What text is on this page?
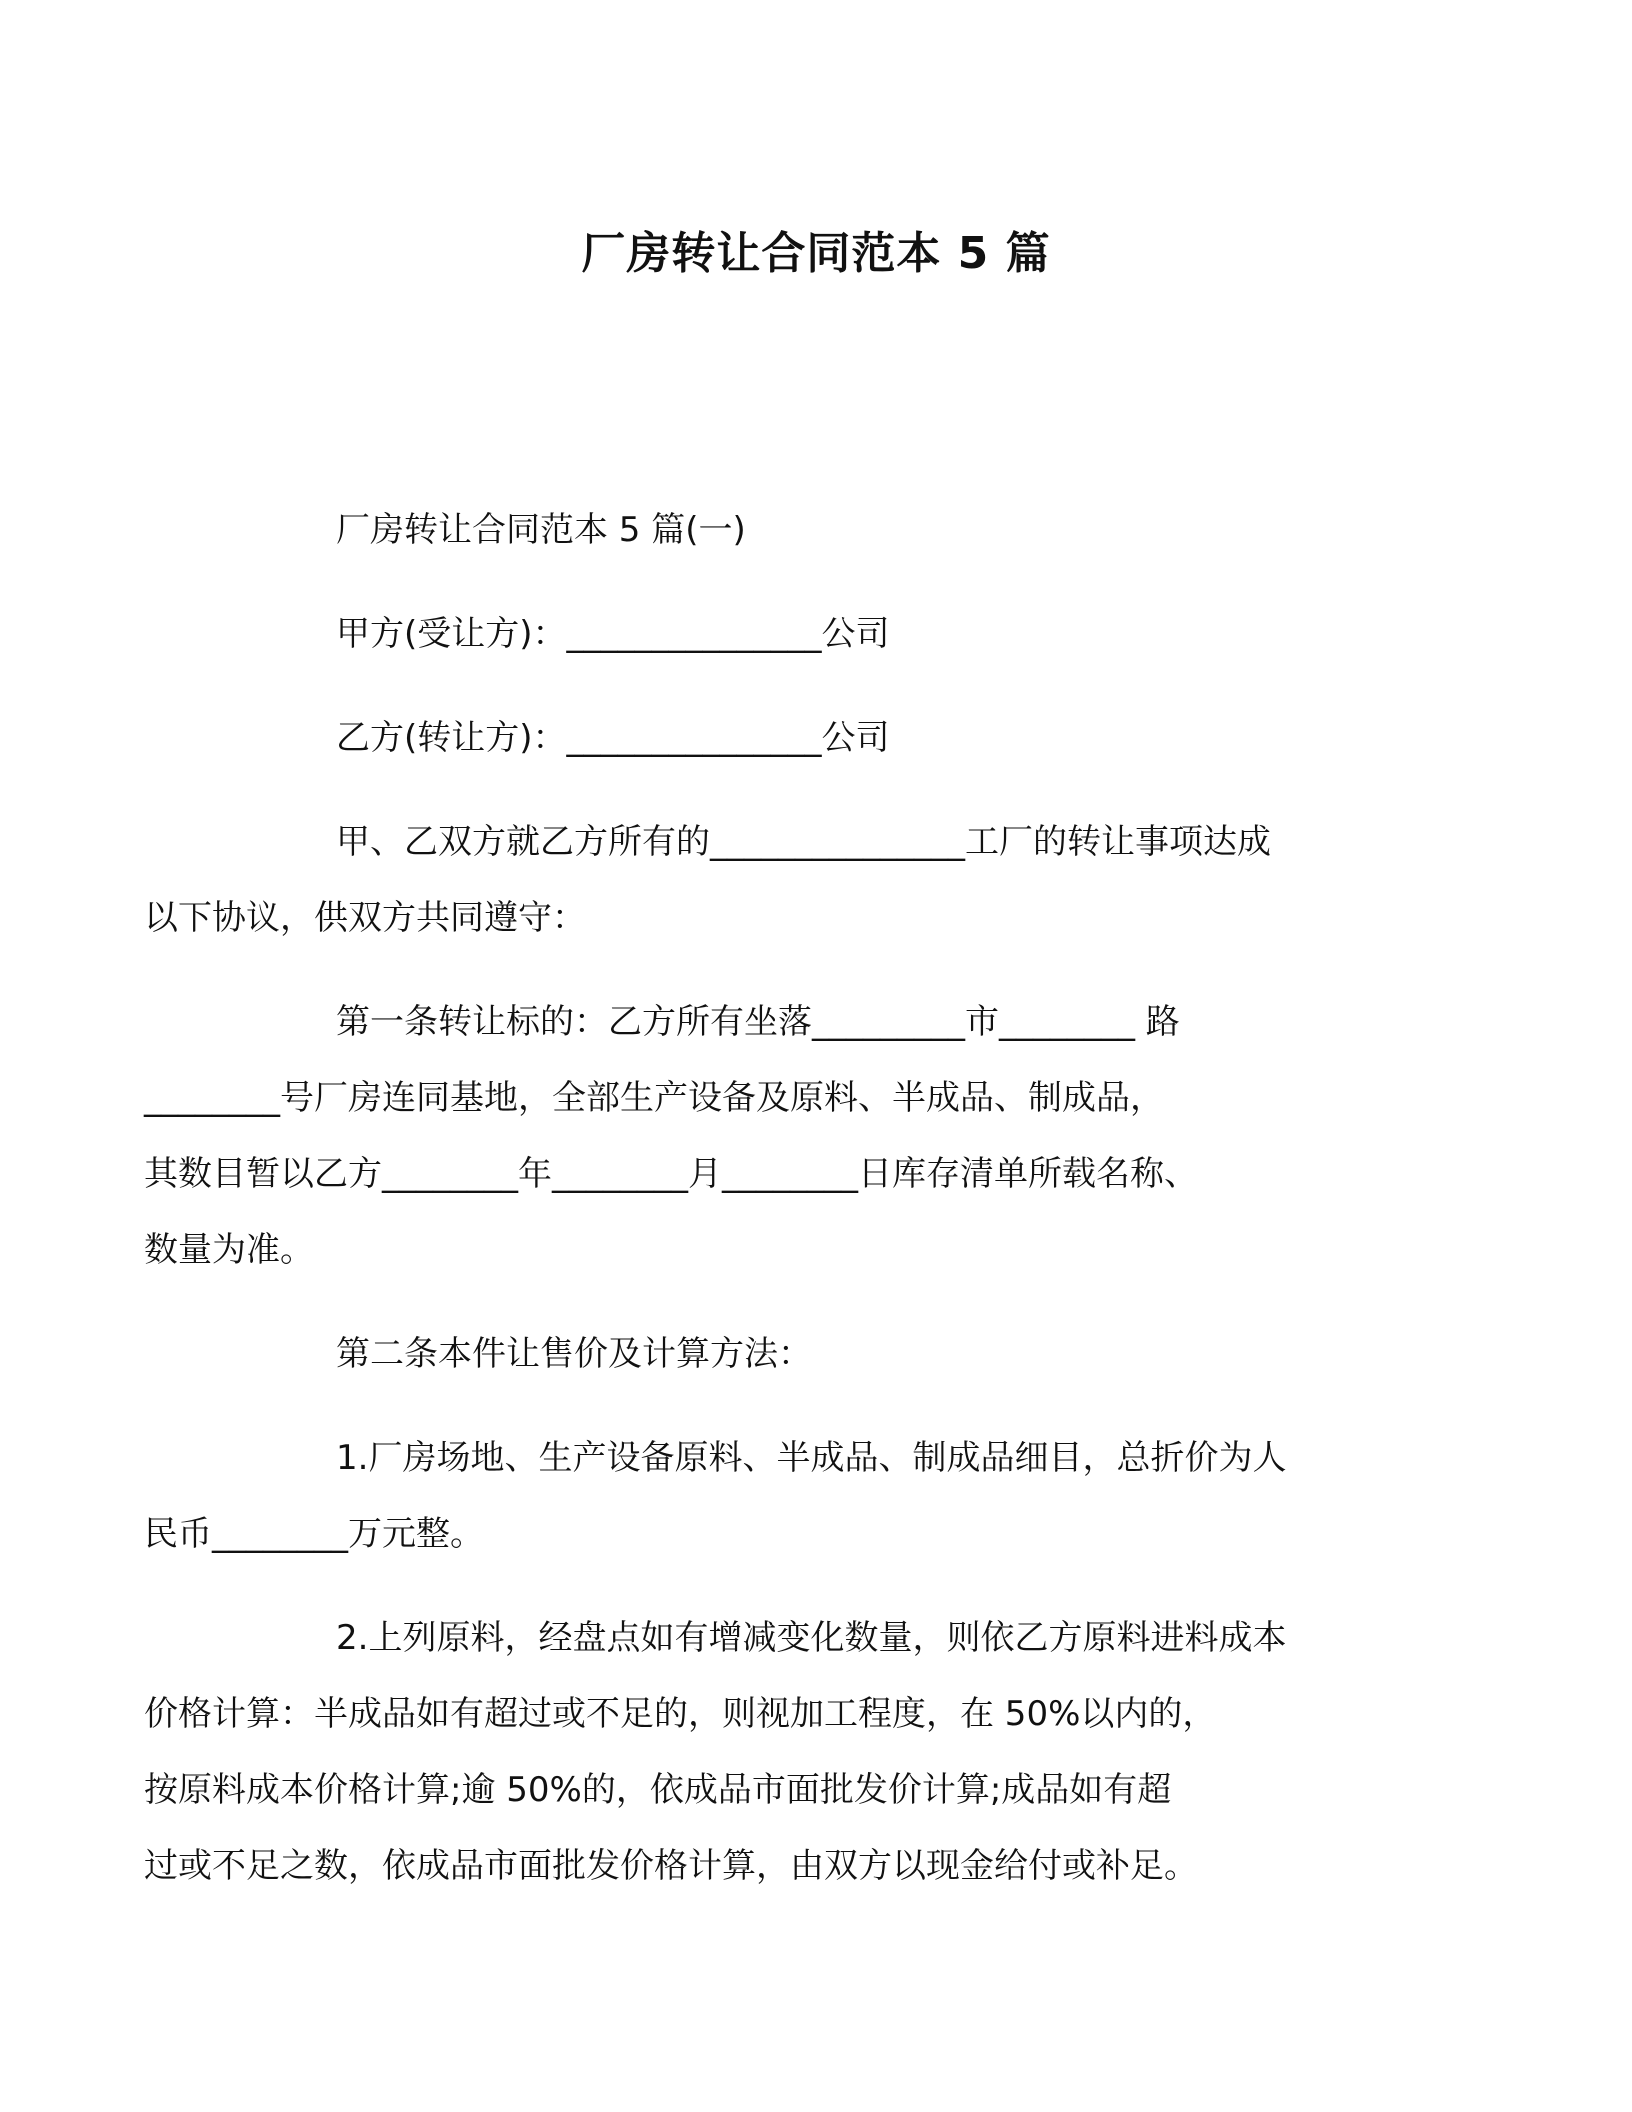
厂房转让合同范本 5 篇

厂房转让合同范本 5 篇(一)

甲方(受让方)：_______________公司

乙方(转让方)：_______________公司

甲、乙双方就乙方所有的_______________工厂的转让事项达成
以下协议，供双方共同遵守：

第一条转让标的：乙方所有坐落_________市________ 路
________号厂房连同基地，全部生产设备及原料、半成品、制成品，
其数目暂以乙方________年________月________日库存清单所载名称、
数量为准。

第二条本件让售价及计算方法：

1.厂房场地、生产设备原料、半成品、制成品细目，总折价为人
民币________万元整。

2.上列原料，经盘点如有增减变化数量，则依乙方原料进料成本
价格计算：半成品如有超过或不足的，则视加工程度，在 50%以内的，
按原料成本价格计算;逾 50%的，依成品市面批发价计算;成品如有超
过或不足之数，依成品市面批发价格计算，由双方以现金给付或补足。
